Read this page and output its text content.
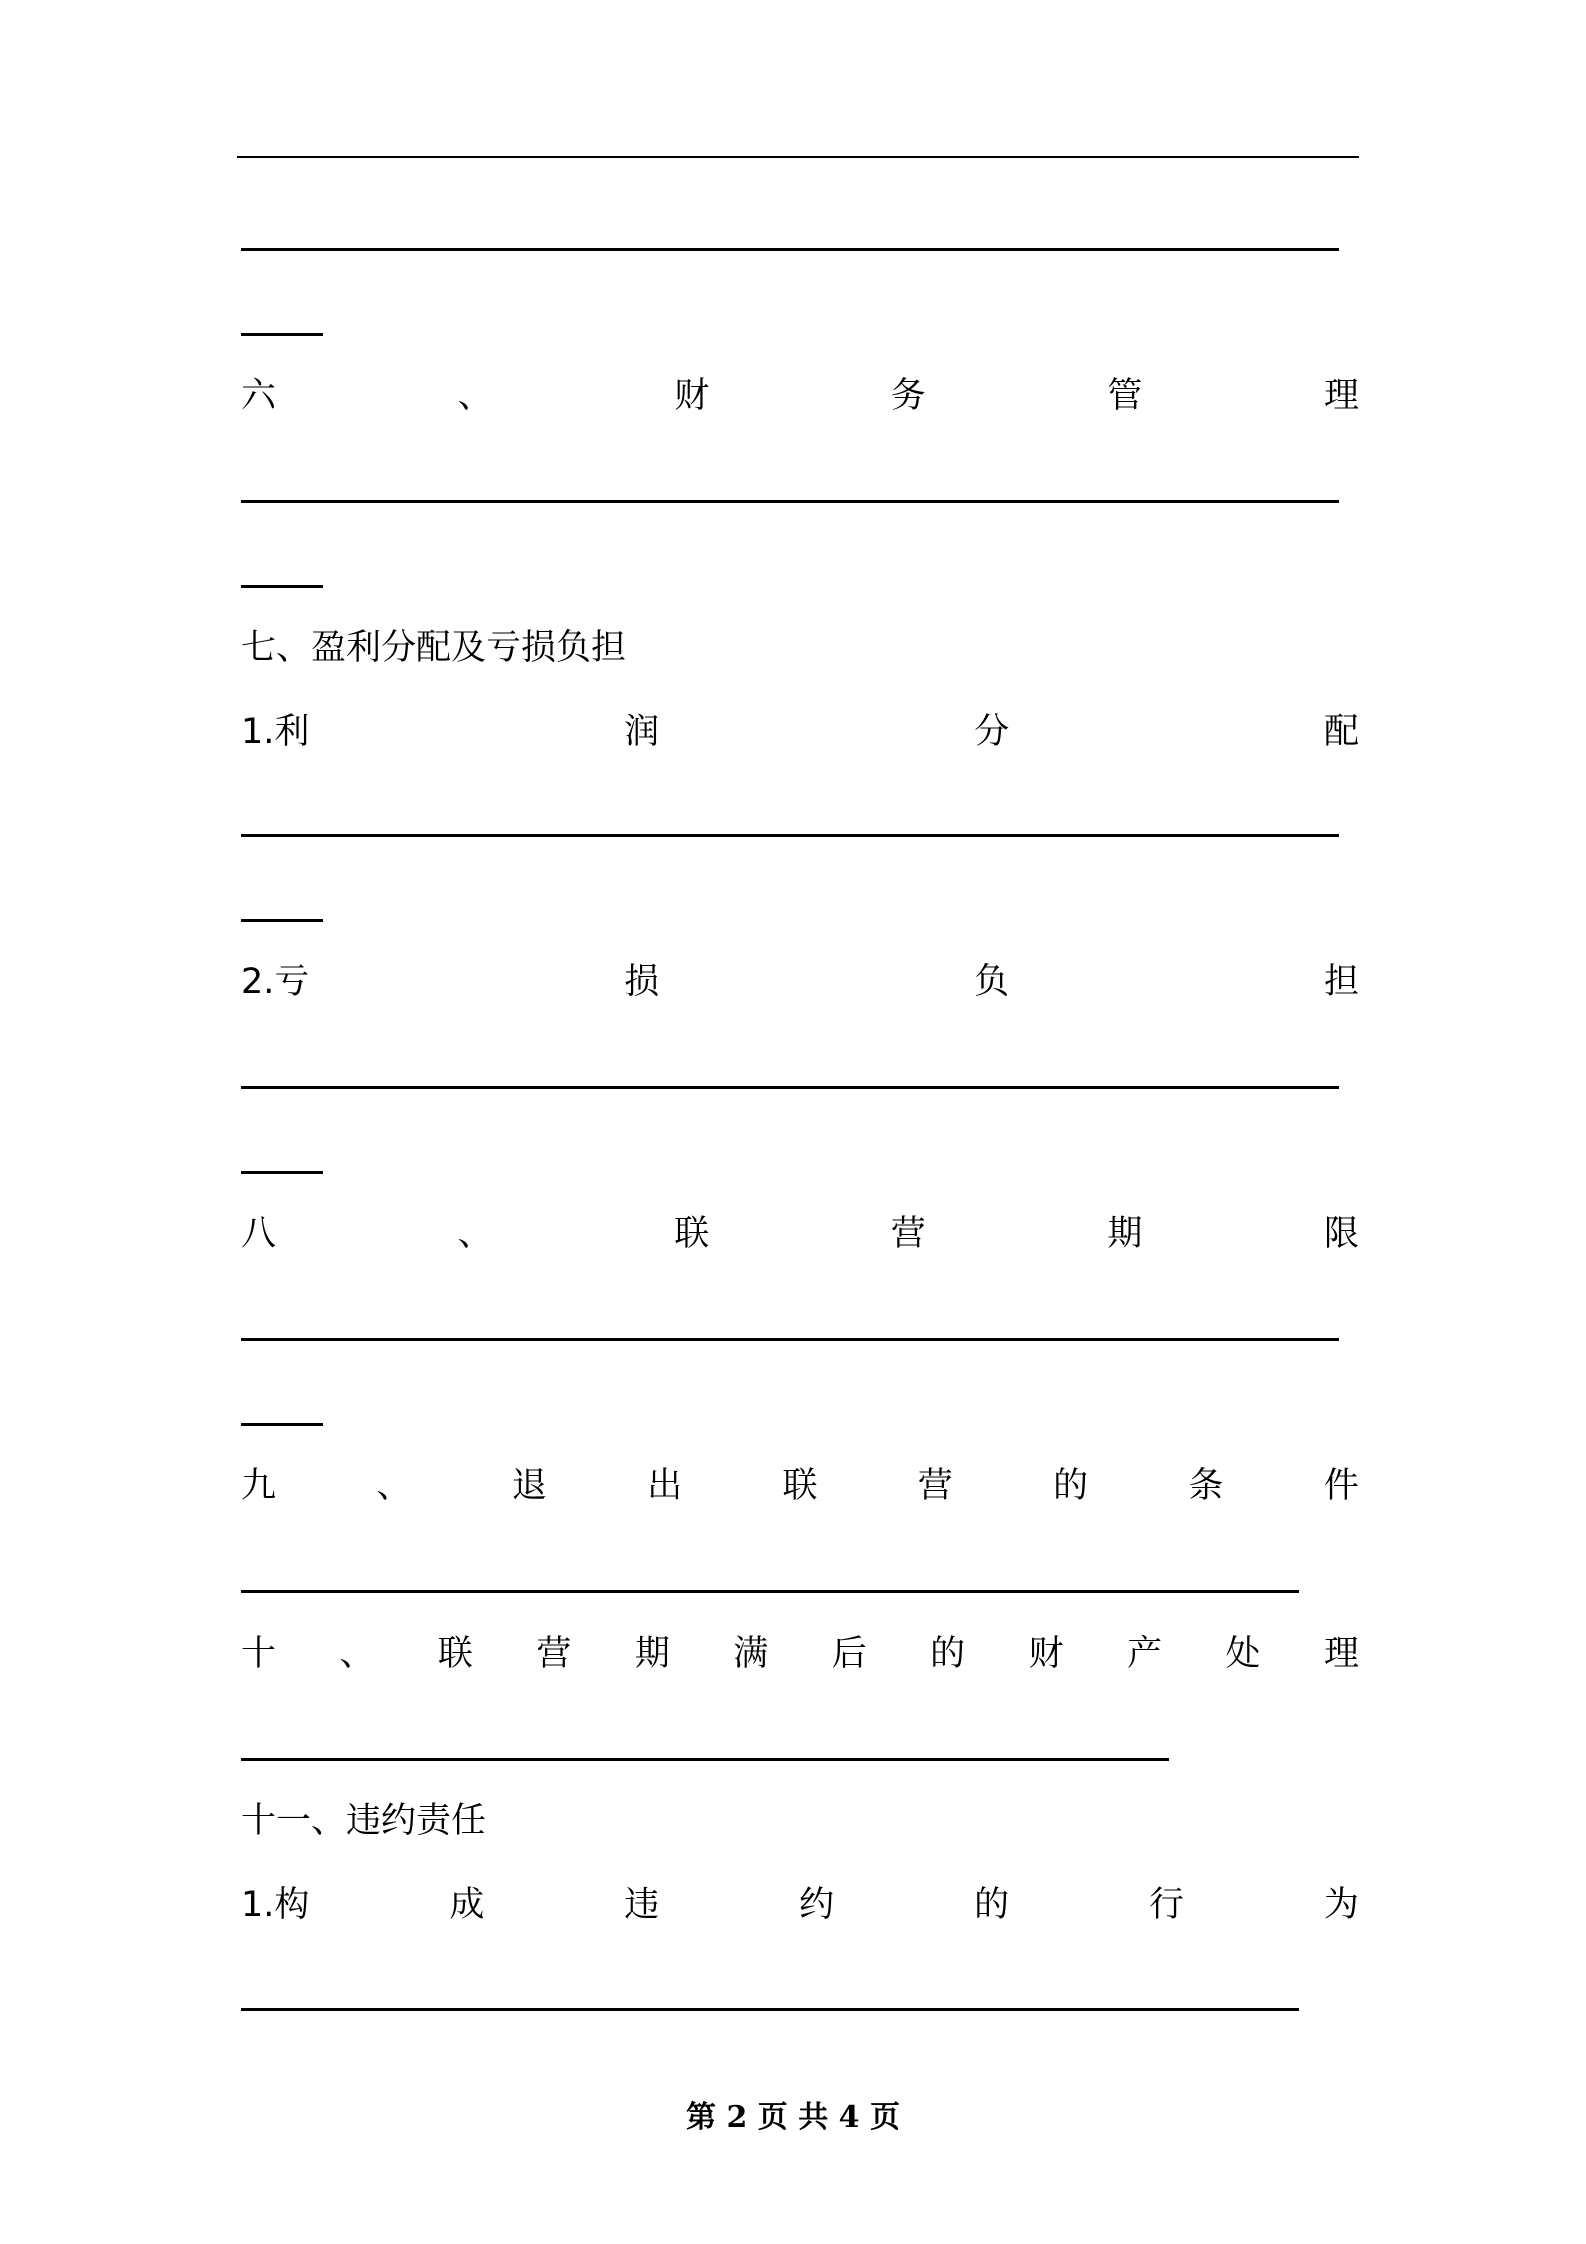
六	、	财	务	管	理
七、盈利分配及亏损负担
1.利	润	分	配
2.亏	损	负	担
八	、	联	营	期	限
九	、	退	出	联	营	的	条	件
十 、 联 营 期 满 后 的 财 产 处 理
十一、违约责任
1.构	成	违	约	的	行	为
第 2 页 共 4 页
